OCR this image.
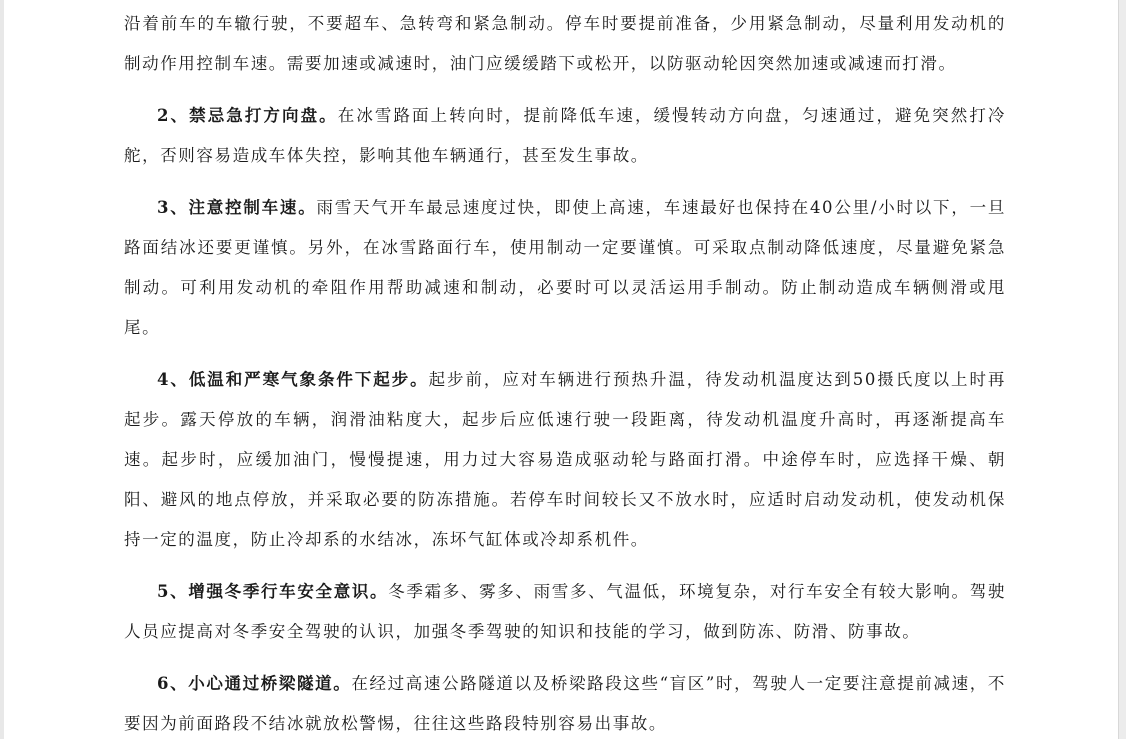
沿着前车的车辙行驶，不要超车、急转弯和紧急制动。停车时要提前准备，少用紧急制动，尽量利用发动机的制动作用控制车速。需要加速或减速时，油门应缓缓踏下或松开，以防驱动轮因突然加速或减速而打滑。

2、禁忌急打方向盘。在冰雪路面上转向时，提前降低车速，缓慢转动方向盘，匀速通过，避免突然打冷舵，否则容易造成车体失控，影响其他车辆通行，甚至发生事故。

3、注意控制车速。雨雪天气开车最忌速度过快，即使上高速，车速最好也保持在40公里/小时以下，一旦路面结冰还要更谨慎。另外，在冰雪路面行车，使用制动一定要谨慎。可采取点制动降低速度，尽量避免紧急制动。可利用发动机的牵阻作用帮助减速和制动，必要时可以灵活运用手制动。防止制动造成车辆侧滑或甩尾。

4、低温和严寒气象条件下起步。起步前，应对车辆进行预热升温，待发动机温度达到50摄氏度以上时再起步。露天停放的车辆，润滑油粘度大，起步后应低速行驶一段距离，待发动机温度升高时，再逐渐提高车速。起步时，应缓加油门，慢慢提速，用力过大容易造成驱动轮与路面打滑。中途停车时，应选择干燥、朝阳、避风的地点停放，并采取必要的防冻措施。若停车时间较长又不放水时，应适时启动发动机，使发动机保持一定的温度，防止冷却系的水结冰，冻坏气缸体或冷却系机件。

5、增强冬季行车安全意识。冬季霜多、雾多、雨雪多、气温低，环境复杂，对行车安全有较大影响。驾驶人员应提高对冬季安全驾驶的认识，加强冬季驾驶的知识和技能的学习，做到防冻、防滑、防事故。

6、小心通过桥梁隧道。在经过高速公路隧道以及桥梁路段这些“盲区”时，驾驶人一定要注意提前减速，不要因为前面路段不结冰就放松警惕，往往这些路段特别容易出事故。
